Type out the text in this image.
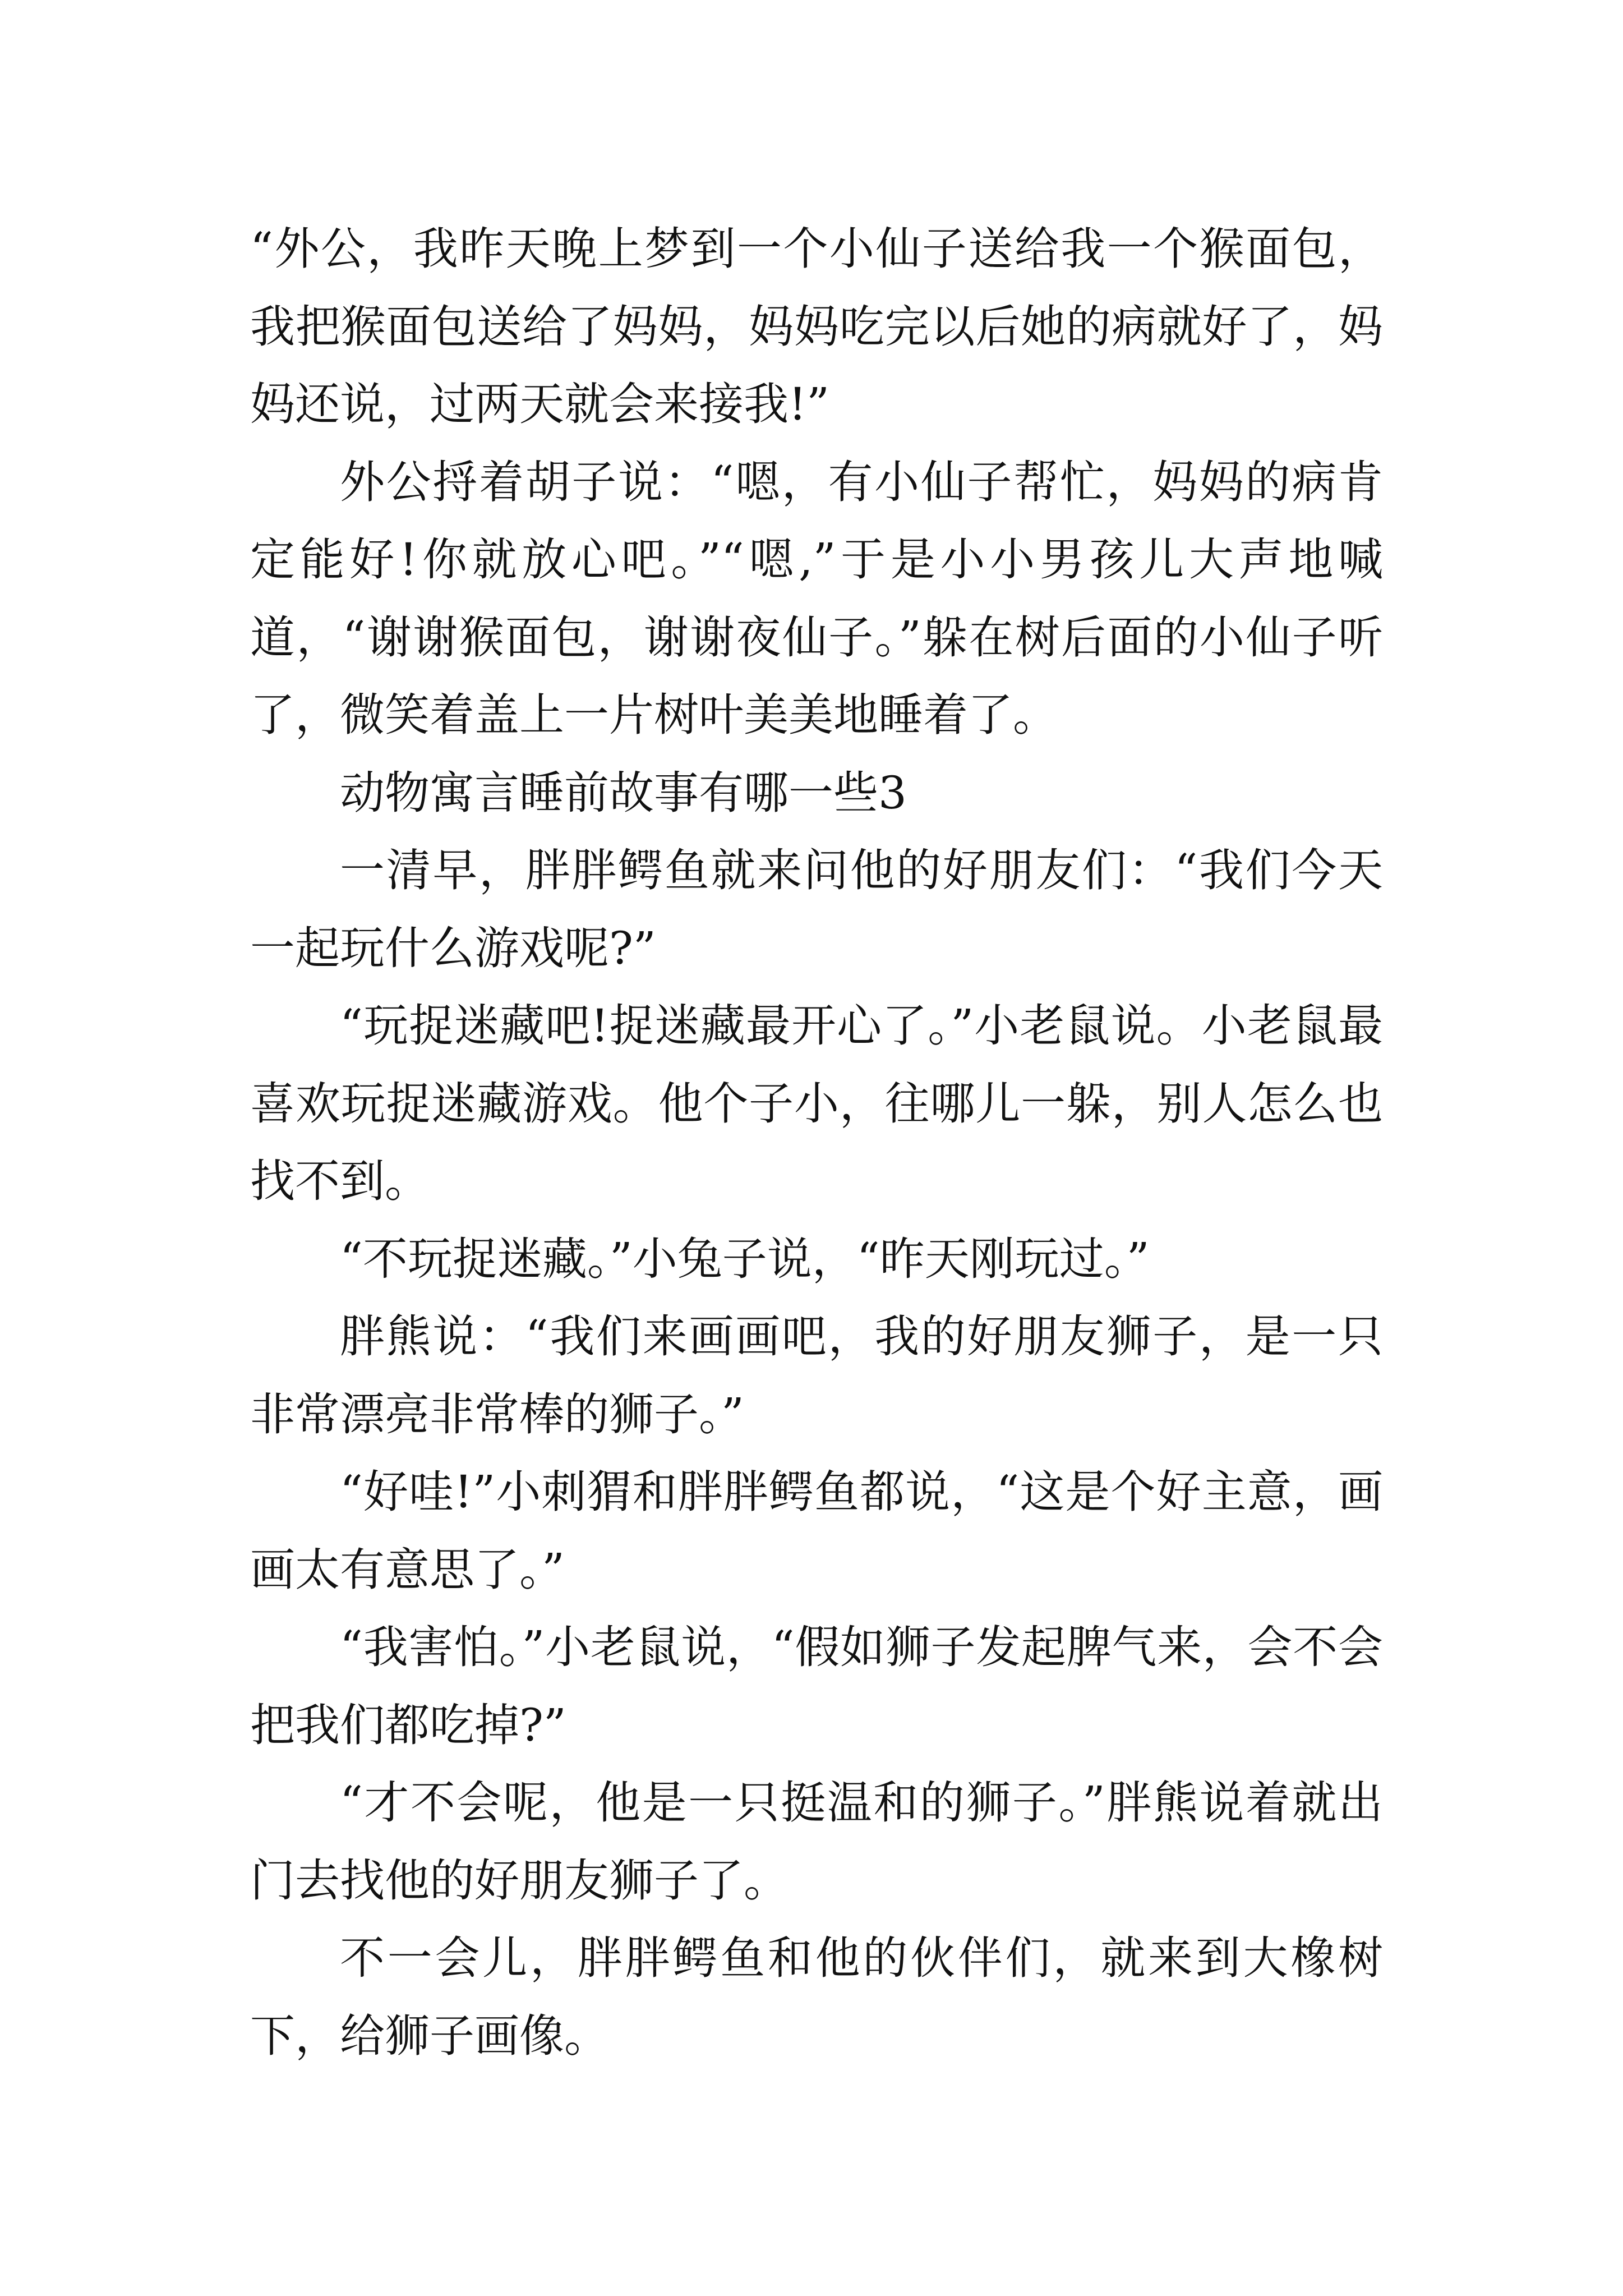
“外公，我昨天晚上梦到一个小仙子送给我一个猴面包，我把猴面包送给了妈妈，妈妈吃完以后她的病就好了，妈妈还说，过两天就会来接我!”

外公捋着胡子说：“嗯，有小仙子帮忙，妈妈的病肯定能好!你就放心吧。”“嗯,”于是小小男孩儿大声地喊道，“谢谢猴面包，谢谢夜仙子。”躲在树后面的小仙子听了，微笑着盖上一片树叶美美地睡着了。

动物寓言睡前故事有哪一些3

一清早，胖胖鳄鱼就来问他的好朋友们：“我们今天一起玩什么游戏呢?”

“玩捉迷藏吧!捉迷藏最开心了。”小老鼠说。小老鼠最喜欢玩捉迷藏游戏。他个子小，往哪儿一躲，别人怎么也找不到。

“不玩捉迷藏。”小兔子说，“昨天刚玩过。”

胖熊说：“我们来画画吧，我的好朋友狮子，是一只非常漂亮非常棒的狮子。”

“好哇!”小刺猬和胖胖鳄鱼都说，“这是个好主意，画画太有意思了。”

“我害怕。”小老鼠说，“假如狮子发起脾气来，会不会把我们都吃掉?”

“才不会呢，他是一只挺温和的狮子。”胖熊说着就出门去找他的好朋友狮子了。

不一会儿，胖胖鳄鱼和他的伙伴们，就来到大橡树下，给狮子画像。
